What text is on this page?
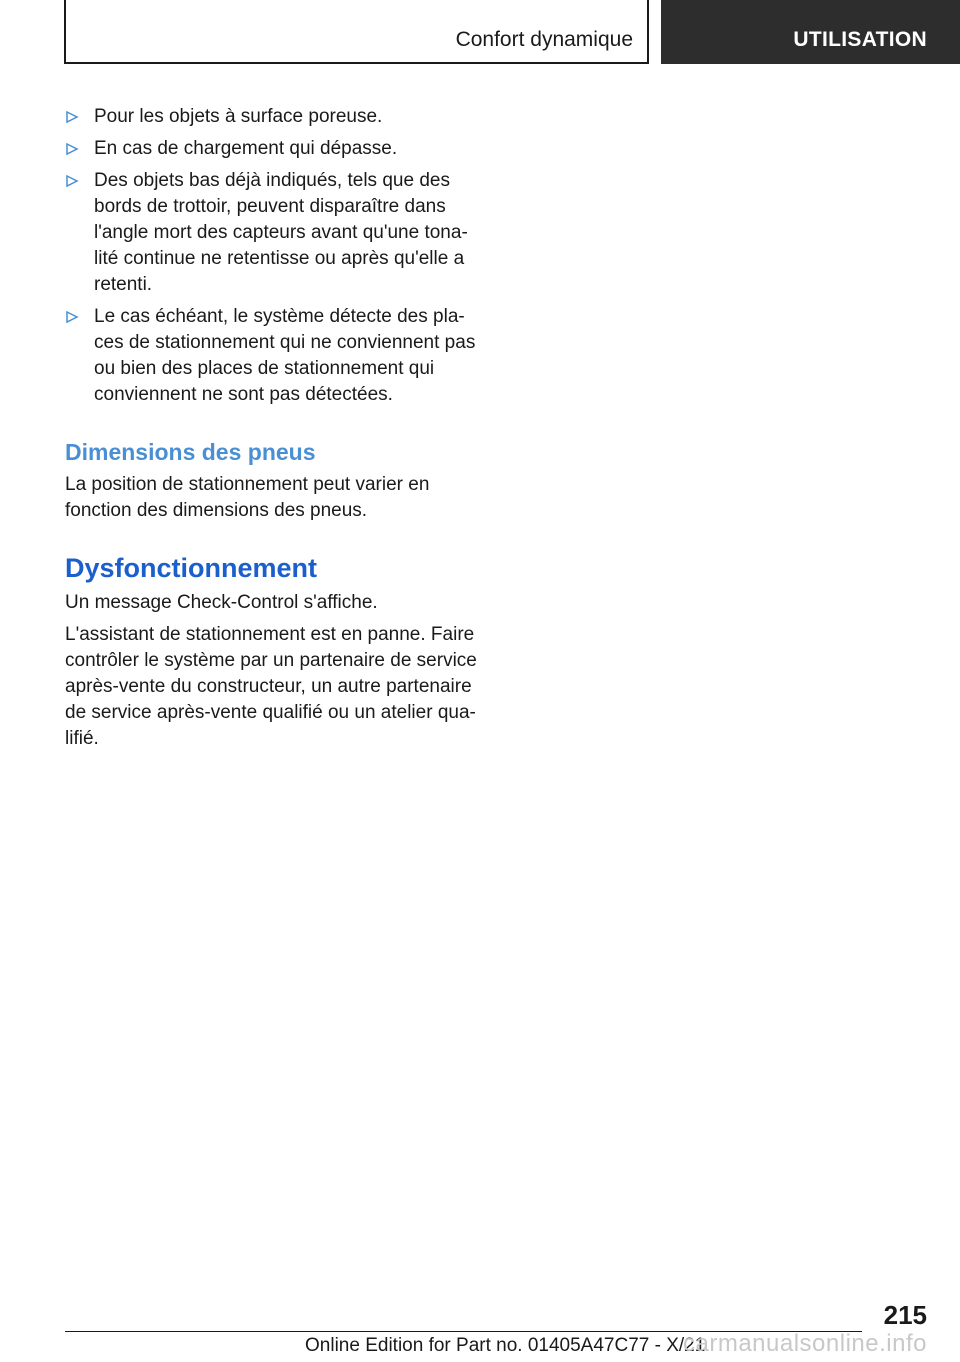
Confort dynamique	UTILISATION
Pour les objets à surface poreuse.
En cas de chargement qui dépasse.
Des objets bas déjà indiqués, tels que des bords de trottoir, peuvent disparaître dans l'angle mort des capteurs avant qu'une tonalité continue ne retentisse ou après qu'elle a retenti.
Le cas échéant, le système détecte des places de stationnement qui ne conviennent pas ou bien des places de stationnement qui conviennent ne sont pas détectées.
Dimensions des pneus

La position de stationnement peut varier en fonction des dimensions des pneus.

Dysfonctionnement

Un message Check-Control s'affiche.

L'assistant de stationnement est en panne. Faire contrôler le système par un partenaire de service après-vente du constructeur, un autre partenaire de service après-vente qualifié ou un atelier qualifié.

215
Online Edition for Part no. 01405A47C77 - X/21
carmanualsonline.info
